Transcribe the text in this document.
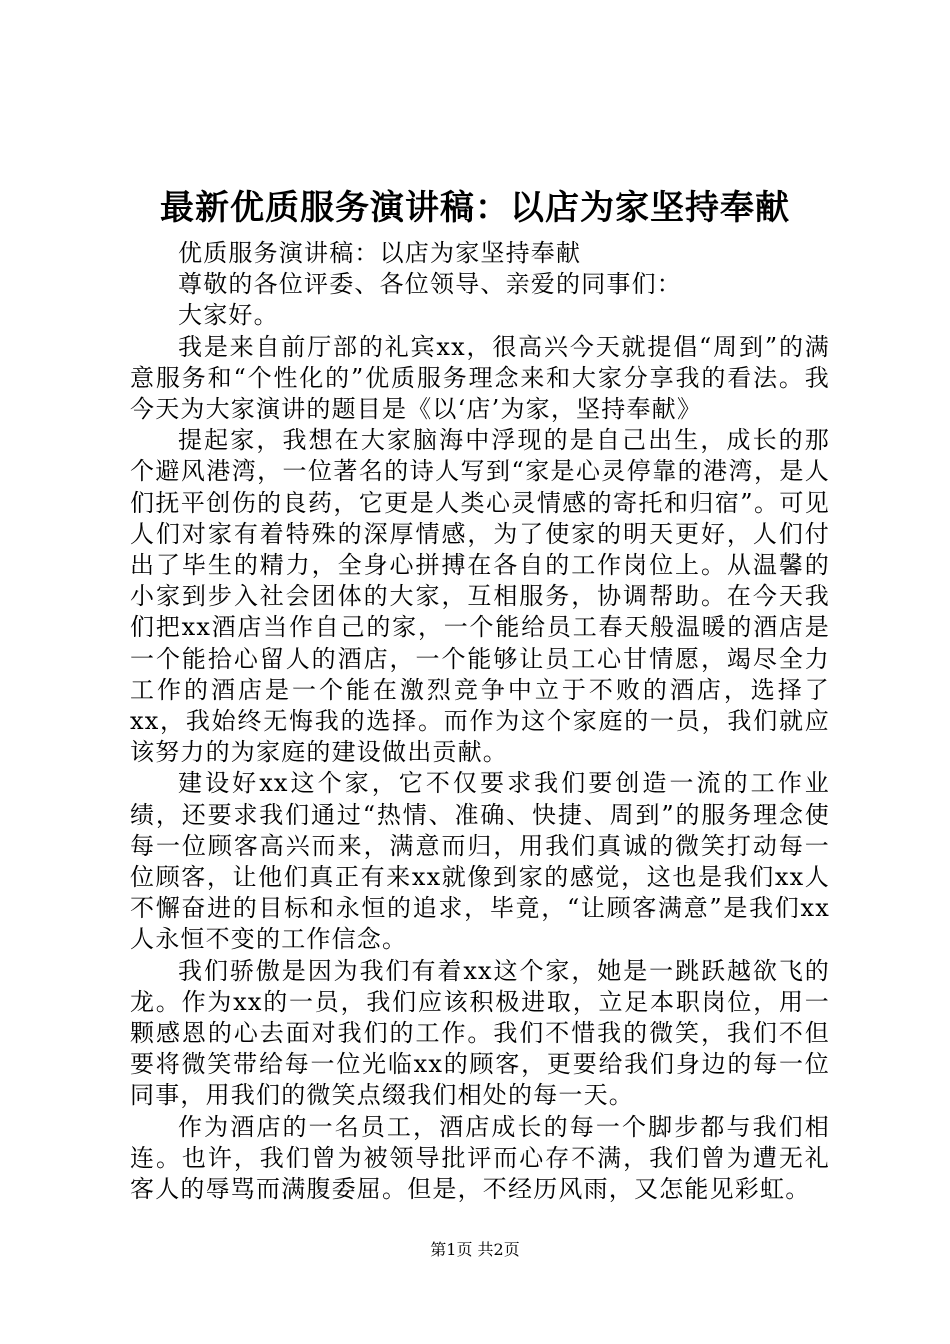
最新优质服务演讲稿：以店为家坚持奉献

优质服务演讲稿：以店为家坚持奉献

尊敬的各位评委、各位领导、亲爱的同事们：

大家好。

我是来自前厅部的礼宾xx，很高兴今天就提倡“周到”的满意服务和“个性化的”优质服务理念来和大家分享我的看法。我今天为大家演讲的题目是《以‘店’为家，坚持奉献》

提起家，我想在大家脑海中浮现的是自己出生，成长的那个避风港湾，一位著名的诗人写到“家是心灵停靠的港湾，是人们抚平创伤的良药，它更是人类心灵情感的寄托和归宿”。可见人们对家有着特殊的深厚情感，为了使家的明天更好，人们付出了毕生的精力，全身心拼搏在各自的工作岗位上。从温馨的小家到步入社会团体的大家，互相服务，协调帮助。在今天我们把xx酒店当作自己的家，一个能给员工春天般温暖的酒店是一个能拾心留人的酒店，一个能够让员工心甘情愿，竭尽全力工作的酒店是一个能在激烈竞争中立于不败的酒店，选择了xx，我始终无悔我的选择。而作为这个家庭的一员，我们就应该努力的为家庭的建设做出贡献。

建设好xx这个家，它不仅要求我们要创造一流的工作业绩，还要求我们通过“热情、准确、快捷、周到”的服务理念使每一位顾客高兴而来，满意而归，用我们真诚的微笑打动每一位顾客，让他们真正有来xx就像到家的感觉，这也是我们xx人不懈奋进的目标和永恒的追求，毕竟，“让顾客满意”是我们xx人永恒不变的工作信念。

我们骄傲是因为我们有着xx这个家，她是一跳跃越欲飞的龙。作为xx的一员，我们应该积极进取，立足本职岗位，用一颗感恩的心去面对我们的工作。我们不惜我的微笑，我们不但要将微笑带给每一位光临xx的顾客，更要给我们身边的每一位同事，用我们的微笑点缀我们相处的每一天。

作为酒店的一名员工，酒店成长的每一个脚步都与我们相连。也许，我们曾为被领导批评而心存不满，我们曾为遭无礼客人的辱骂而满腹委屈。但是，不经历风雨，又怎能见彩虹。

第1页 共2页
